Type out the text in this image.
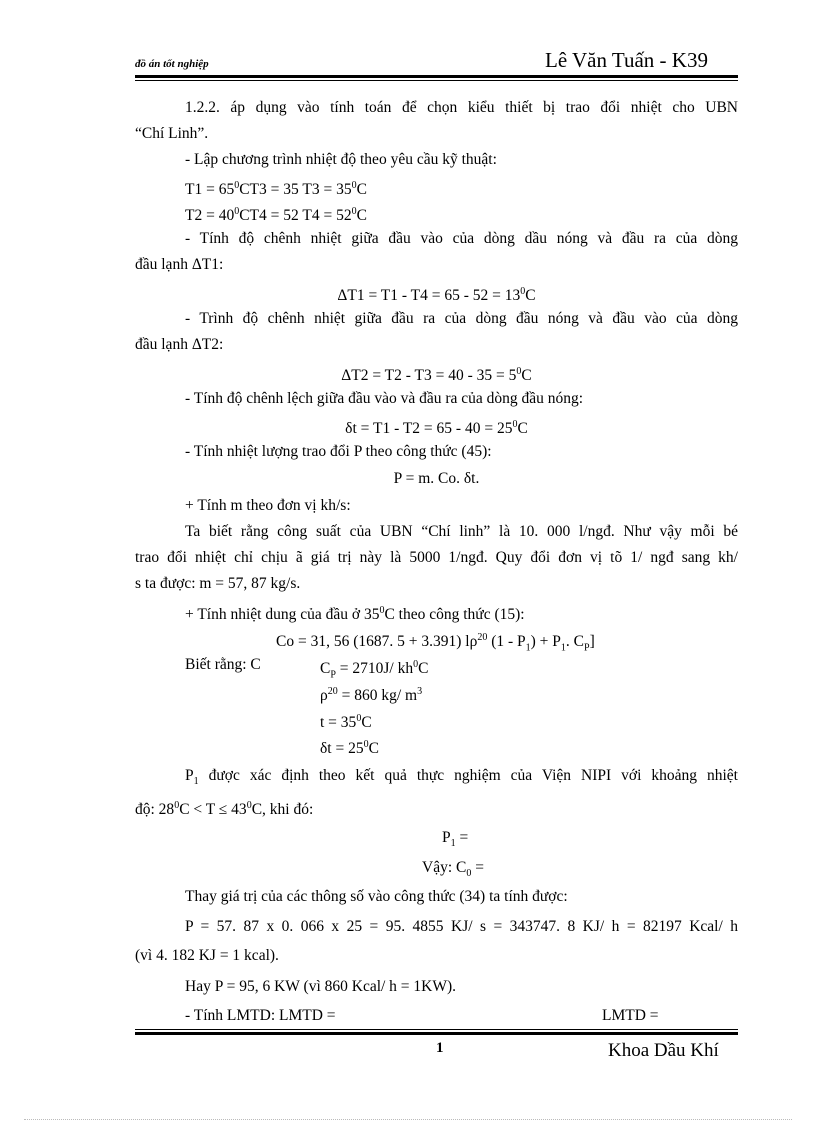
đồ án tốt nghiệp	Lê Văn Tuấn - K39
1.2.2. áp dụng vào tính toán để chọn kiểu thiết bị trao đổi nhiệt cho UBN
“Chí Linh”.
- Lập chương trình nhiệt độ theo yêu cầu kỹ thuật:
$T1 = 65^0CT3 = 35$ $T3 = 35^0C$
$T2 = 40^0CT4 = 52$ $T4 = 52^0C$
- Tính độ chênh nhiệt giữa đầu vào của dòng dầu nóng và đầu ra của dòng
đầu lạnh ΔT1:
$\Delta T1 = T1 - T4 = 65 - 52 = 13^0C$
- Trình độ chênh nhiệt giữa đầu ra của dòng đầu nóng và đầu vào của dòng
đầu lạnh ΔT2:
$\Delta T2 = T2 - T3 = 40 - 35 = 5^0C$
- Tính độ chênh lệch giữa đầu vào và đầu ra của dòng đầu nóng:
$\delta t = T1 - T2 = 65 - 40 = 25^0C$
- Tính nhiệt lượng trao đổi P theo công thức (45):
P = m. Co. δt.
+ Tính m theo đơn vị kh/s:
Ta biết rằng công suất của UBN “Chí linh” là 10. 000 l/ngđ. Như vậy mỗi bé
trao đổi nhiệt chỉ chịu ã giá trị này là 5000 1/ngđ. Quy đổi đơn vị tõ 1/ ngđ sang kh/
s ta được: m = 57, 87 kg/s.
+ Tính nhiệt dung của đầu ở $35^0C$ theo công thức (15):
Co = 31, 56 (1687. 5 + 3.391) $l\rho^{20}$ $(1 - P_1) + P_1$. $C_P$]
Biết rằng: C	$C_P = 2710J/$ $kh^0C$
$\rho^{20} = 860$ kg/ $m^3$
$t = 35^0C$
$\delta t = 25^0C$
$P_1$ được xác định theo kết quả thực nghiệm của Viện NIPI với khoảng nhiệt
độ: $28^0C < T \le 43^0C$, khi đó:
$P_1$ =
Vậy: $C_0$ =
Thay giá trị của các thông số vào công thức (34) ta tính được:
P = 57. 87 x 0. 066 x 25 = 95. 4855 KJ/ s = 343747. 8 KJ/ h = 82197 Kcal/ h
(vì 4. 182 KJ = 1 kcal).
Hay P = 95, 6 KW (vì 860 Kcal/ h = 1KW).
- Tính LMTD: LMTD =	LMTD =
1	Khoa Dầu Khí
